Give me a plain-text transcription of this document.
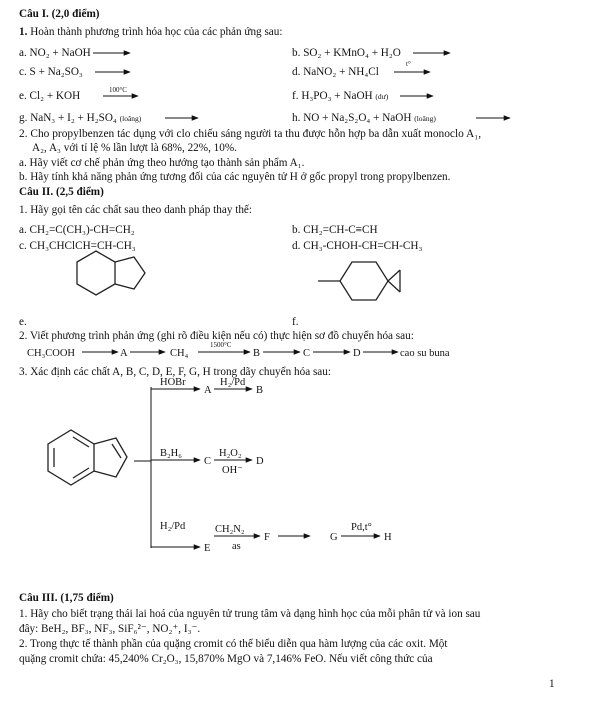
Câu I. (2,0 điểm)
1. Hoàn thành phương trình hóa học của các phản ứng sau:
a. NO₂ + NaOH	b. SO₂ + KMnO₄ + H₂O
c. S + Na₂SO₃	d. NaNO₂ + NH₄Cl
e. Cl₂ + KOH	f. H₃PO₃ + NaOH (dư)
g. NaN₃ + I₂ + H₂SO₄ (loãng)	h. NO + Na₂S₂O₄ + NaOH (loãng)
2. Cho propylbenzen tác dụng với clo chiếu sáng người ta thu được hỗn hợp ba dẫn xuất monoclo A₁,
A₂, A₃ với tỉ lệ % lần lượt là 68%, 22%, 10%.
a. Hãy viết cơ chế phản ứng theo hướng tạo thành sản phẩm A₁.
b. Hãy tính khả năng phản ứng tương đối của các nguyên tử H ở gốc propyl trong propylbenzen.
Câu II. (2,5 điểm)
1. Hãy gọi tên các chất sau theo danh pháp thay thế:
a. CH₂=C(CH₃)-CH=CH₂	b. CH₂=CH-C≡CH
c. CH₃CHClCH=CH-CH₃	d. CH₃-CHOH-CH=CH-CH₃
e.	f.
2. Viết phương trình phản ứng (ghi rõ điều kiện nếu có) thực hiện sơ đồ chuyển hóa sau:
3. Xác định các chất A, B, C, D, E, F, G, H trong dãy chuyển hóa sau:
Câu III. (1,75 điểm)
1. Hãy cho biết trạng thái lai hoá của nguyên tử trung tâm và dạng hình học của mỗi phân tử và ion sau
đây: BeH₂, BF₃, NF₃, SiF₆²⁻, NO₂⁺, I₃⁻.
2. Trong thực tế thành phần của quặng cromit có thể biểu diễn qua hàm lượng của các oxit. Một
quặng cromit chứa: 45,240% Cr₂O₃, 15,870% MgO và 7,146% FeO. Nếu viết công thức của
1
t°
100°C
CH₃COOH	A	CH₄
1500°C
B	C	D	cao su buna
HOBr
A
H₂/Pd
B
B₂H₆
C
H₂O₂
OH⁻
D
H₂/Pd
E
CH₂N₂
as
F	G
Pd,t°
H
